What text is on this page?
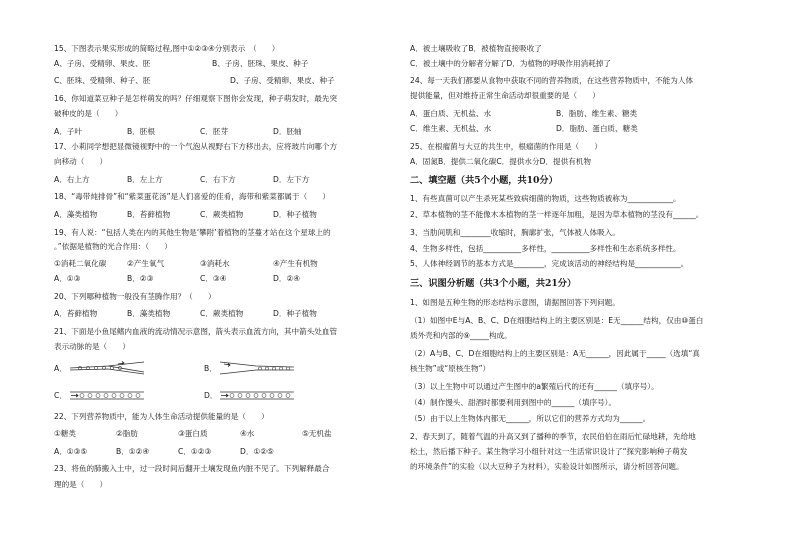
15、下图表示果实形成的简略过程,图中①②③④分别表示　（　　）
A、子房、受精卵、果皮、胚	B、子房、胚珠、果皮、种子
C、胚珠、受精卵、种子、胚	D、子房、受精卵、果皮、种子
16、你知道菜豆种子是怎样萌发的吗？仔细观察下图你会发现，种子萌发时，最先突
破种皮的是（　　）
A．子叶	B．胚根	C．胚芽	D．胚轴
17、小莉同学想把显微镜视野中的一个气泡从视野右下方移出去，应将玻片向哪个方
向移动（　　）
A．右上方	B．左上方	C．右下方	D．左下方
18、“毒带炖排骨”和“紫菜蛋花汤”是人们喜爱的佳肴，海带和紫菜都属于（　　）
A．藻类植物	B．苔藓植物	C．蕨类植物	D．种子植物
19、有人说：“包括人类在内的其他生物是‘攀附’着植物的茎蔓才站在这个星球上的
。”依据是植物的光合作用：（　　）
①消耗二氧化碳	②产生氧气	③消耗水	④产生有机物
A．①③	B．②③	C．③④	D．②④
20、下列哪种植物一般没有茎腾作用？（　　）
A．苔藓植物	B．藻类植物	C．蕨类植物	D．种子植物
21、下面是小鱼尾鳍内血液的流动情况示意图，箭头表示血流方向，其中箭头处血管
表示动脉的是（　　）
A．	B．
C．	D．
22、下列营养物质中，能为人体生命活动提供能量的是（　　）
①糖类	②脂肪	③蛋白质	④水	⑤无机盐
A．①③⑤	B．①②④	C．①②③	D．①②⑤
23、将鱼的肺搬入土中，过一段时间后翻开土壤发现鱼内脏不见了。下列解释最合
理的是（　　）
A．被土壤吸收了B．被植物直接吸收了
C．被土壤中的分解者分解了D．为植物的呼吸作用消耗掉了
24、每一天我们都要从食物中获取不同的营养物质，在这些营养物质中，不能为人体
提供能量，但对维持正常生命活动却很重要的是（　　）
A．蛋白质、无机盐、水	B．脂肪、维生素、糖类
C．维生素、无机盐、水	D．脂肪、蛋白质、糖类
25、在根瘤菌与大豆的共生中，根瘤菌的作用是（　　）
A．固氮B．提供二氧化碳C．提供水分D．提供有机物
二、填空题（共5个小题，共10分）
1、有些真菌可以产生杀死某些致病细菌的物质，这些物质被称为____________。
2、草本植物的茎不能像木本植物的茎一样逐年加粗，是因为草本植物的茎没有______。
3、当肋间肌和________收缩时，胸廓扩张，气体被人体吸入。
4、生物多样性，包括__________多样性，__________多样性和生态系统多样性。
5、人体神经调节的基本方式是________，完成该活动的神经结构是____________。
三、识图分析题（共3个小题，共21分）
1、如图是五种生物的形态结构示意图，请据图回答下列问题。
（1）如图中E与A、B、C、D在细胞结构上的主要区别是：E无______结构，仅由⑩蛋白
质外壳和内部的⑨_____构成。
（2）A与B、C、D在细胞结构上的主要区别是：A无______，因此属于_____（选填“真
核生物”或“原核生物”）
（3）以上生物中可以通过产生图中的a繁殖后代的还有______（填序号）。
（4）制作馒头、甜酒时都要利用到图中的______（填序号）。
（5）由于以上生物体内都无______，所以它们的营养方式均为______。
2、春天到了，随着气温的升高又到了播种的季节，农民伯伯在雨后忙碌地耕，先给地
松土，然后播下种子。某生物学习小组针对这一生活常识设计了“探究影响种子萌发
的环境条件”的实验（以大豆种子为材料），实验设计如图所示，请分析回答问题。
